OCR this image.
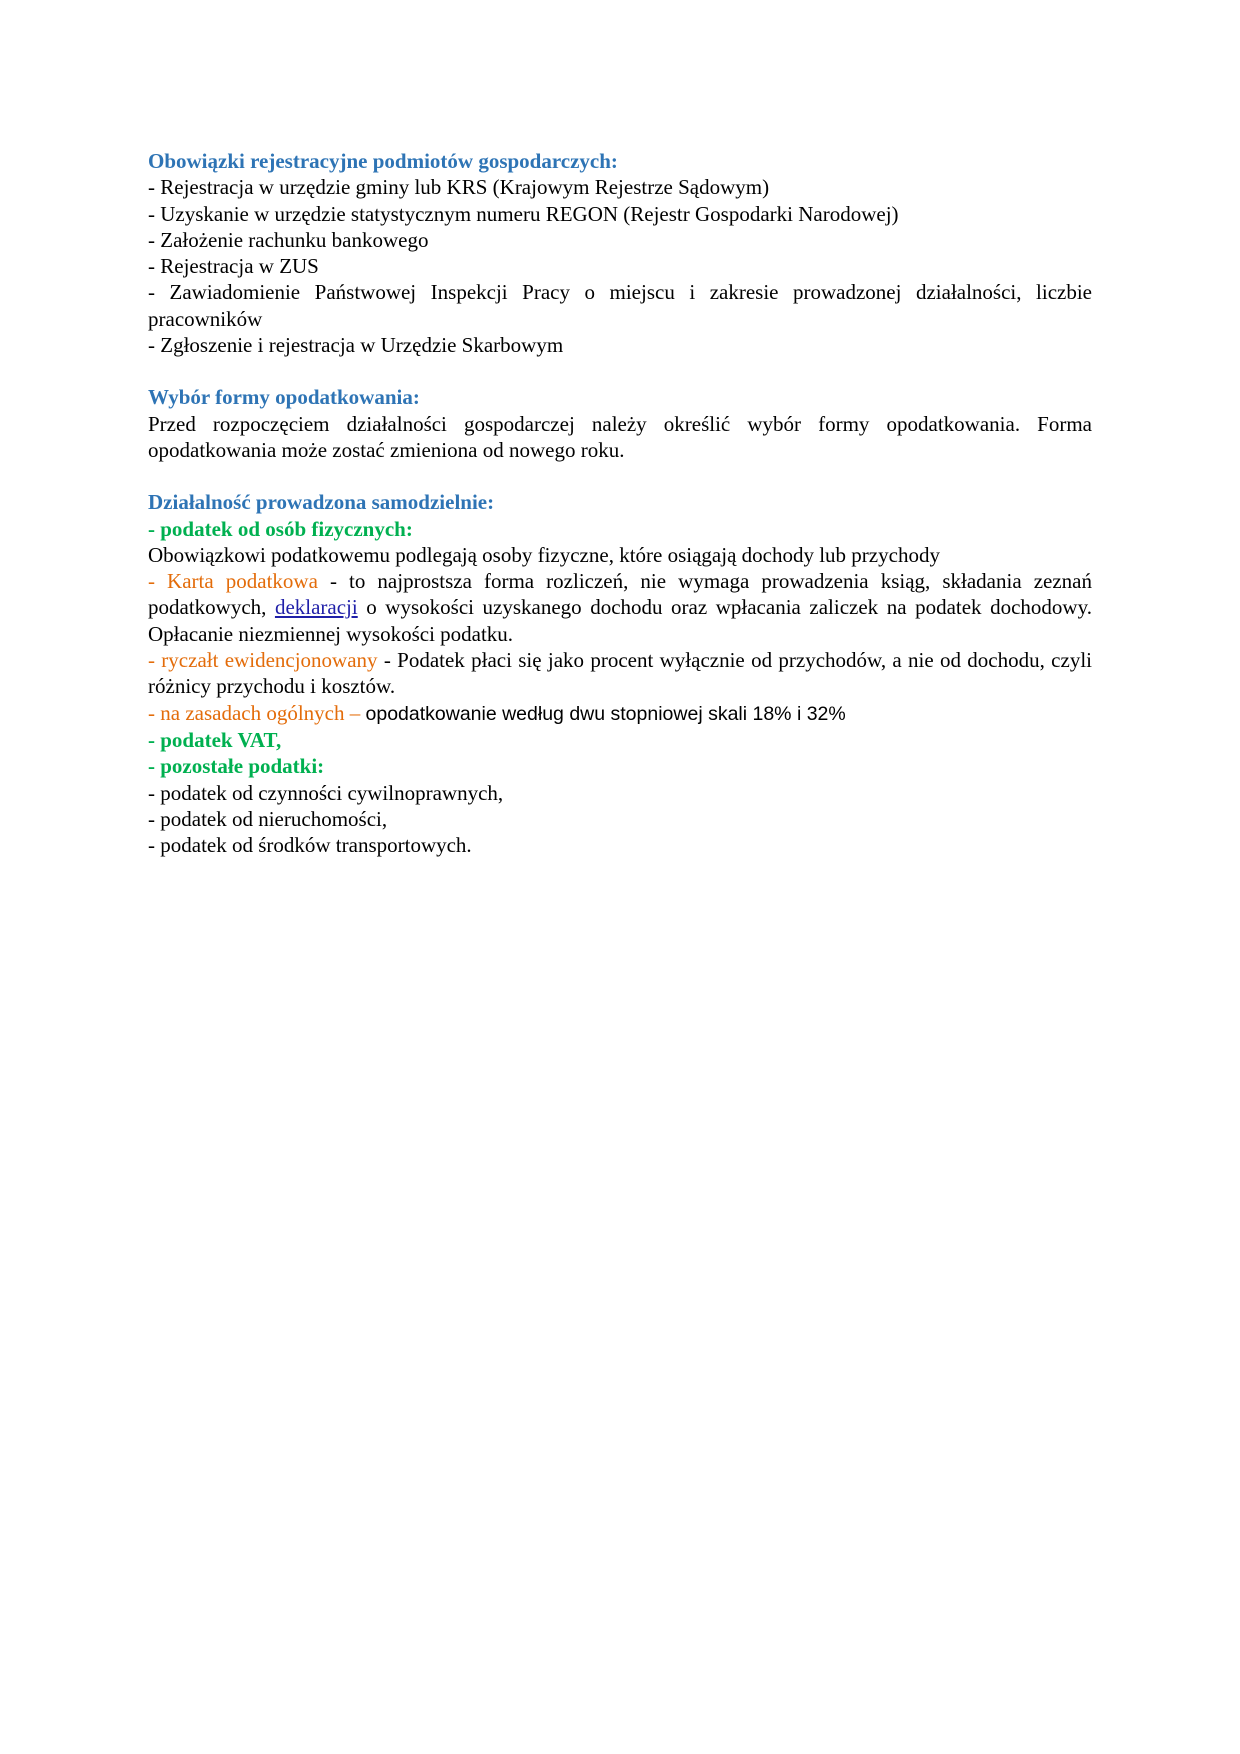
Obowiązki rejestracyjne podmiotów gospodarczych:
- Rejestracja w urzędzie gminy lub KRS (Krajowym Rejestrze Sądowym)
- Uzyskanie w urzędzie statystycznym numeru REGON (Rejestr Gospodarki Narodowej)
- Założenie rachunku bankowego
- Rejestracja w ZUS
- Zawiadomienie Państwowej Inspekcji Pracy o miejscu i zakresie prowadzonej działalności, liczbie pracowników
- Zgłoszenie i rejestracja w Urzędzie Skarbowym
Wybór formy opodatkowania:
Przed rozpoczęciem działalności gospodarczej należy określić wybór formy opodatkowania. Forma opodatkowania może zostać zmieniona od nowego roku.
Działalność prowadzona samodzielnie:
- podatek od osób fizycznych:
Obowiązkowi podatkowemu podlegają osoby fizyczne, które osiągają dochody lub przychody
- Karta podatkowa - to najprostsza forma rozliczeń, nie wymaga prowadzenia ksiąg, składania zeznań podatkowych, deklaracji o wysokości uzyskanego dochodu oraz wpłacania zaliczek na podatek dochodowy. Opłacanie niezmiennej wysokości podatku.
- ryczałt ewidencjonowany - Podatek płaci się jako procent wyłącznie od przychodów, a nie od dochodu, czyli różnicy przychodu i kosztów.
- na zasadach ogólnych – opodatkowanie według dwu stopniowej skali 18% i 32%
- podatek VAT,
- pozostałe podatki:
- podatek od czynności cywilnoprawnych,
- podatek od nieruchomości,
- podatek od środków transportowych.
